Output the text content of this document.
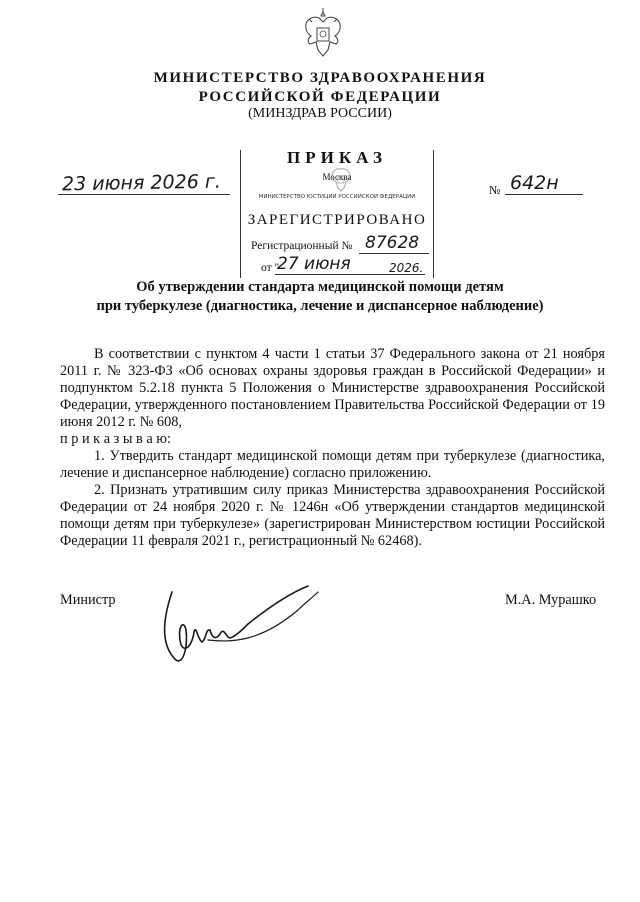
МИНИСТЕРСТВО ЗДРАВООХРАНЕНИЯ
РОССИЙСКОЙ ФЕДЕРАЦИИ
(МИНЗДРАВ РОССИИ)
Москва
МИНИСТЕРСТВО ЮСТИЦИИ РОССИЙСКОЙ ФЕДЕРАЦИИ
ЗАРЕГИСТРИРОВАНО
Регистрационный № 87628
от "
27 июня	2026.
ПРИКАЗ
23 июня 2026 г.	№ 642н
Об утверждении стандарта медицинской помощи детям
при туберкулезе (диагностика, лечение и диспансерное наблюдение)

В соответствии с пунктом 4 части 1 статьи 37 Федерального закона от 21 ноября 2011 г. № 323-ФЗ «Об основах охраны здоровья граждан в Российской Федерации» и подпунктом 5.2.18 пункта 5 Положения о Министерстве здравоохранения Российской Федерации, утвержденного постановлением Правительства Российской Федерации от 19 июня 2012 г. № 608,

п р и к а з ы в а ю:

1. Утвердить стандарт медицинской помощи детям при туберкулезе (диагностика, лечение и диспансерное наблюдение) согласно приложению.

2. Признать утратившим силу приказ Министерства здравоохранения Российской Федерации от 24 ноября 2020 г. № 1246н «Об утверждении стандартов медицинской помощи детям при туберкулезе» (зарегистрирован Министерством юстиции Российской Федерации 11 февраля 2021 г., регистрационный № 62468).

Министр	М.А. Мурашко
